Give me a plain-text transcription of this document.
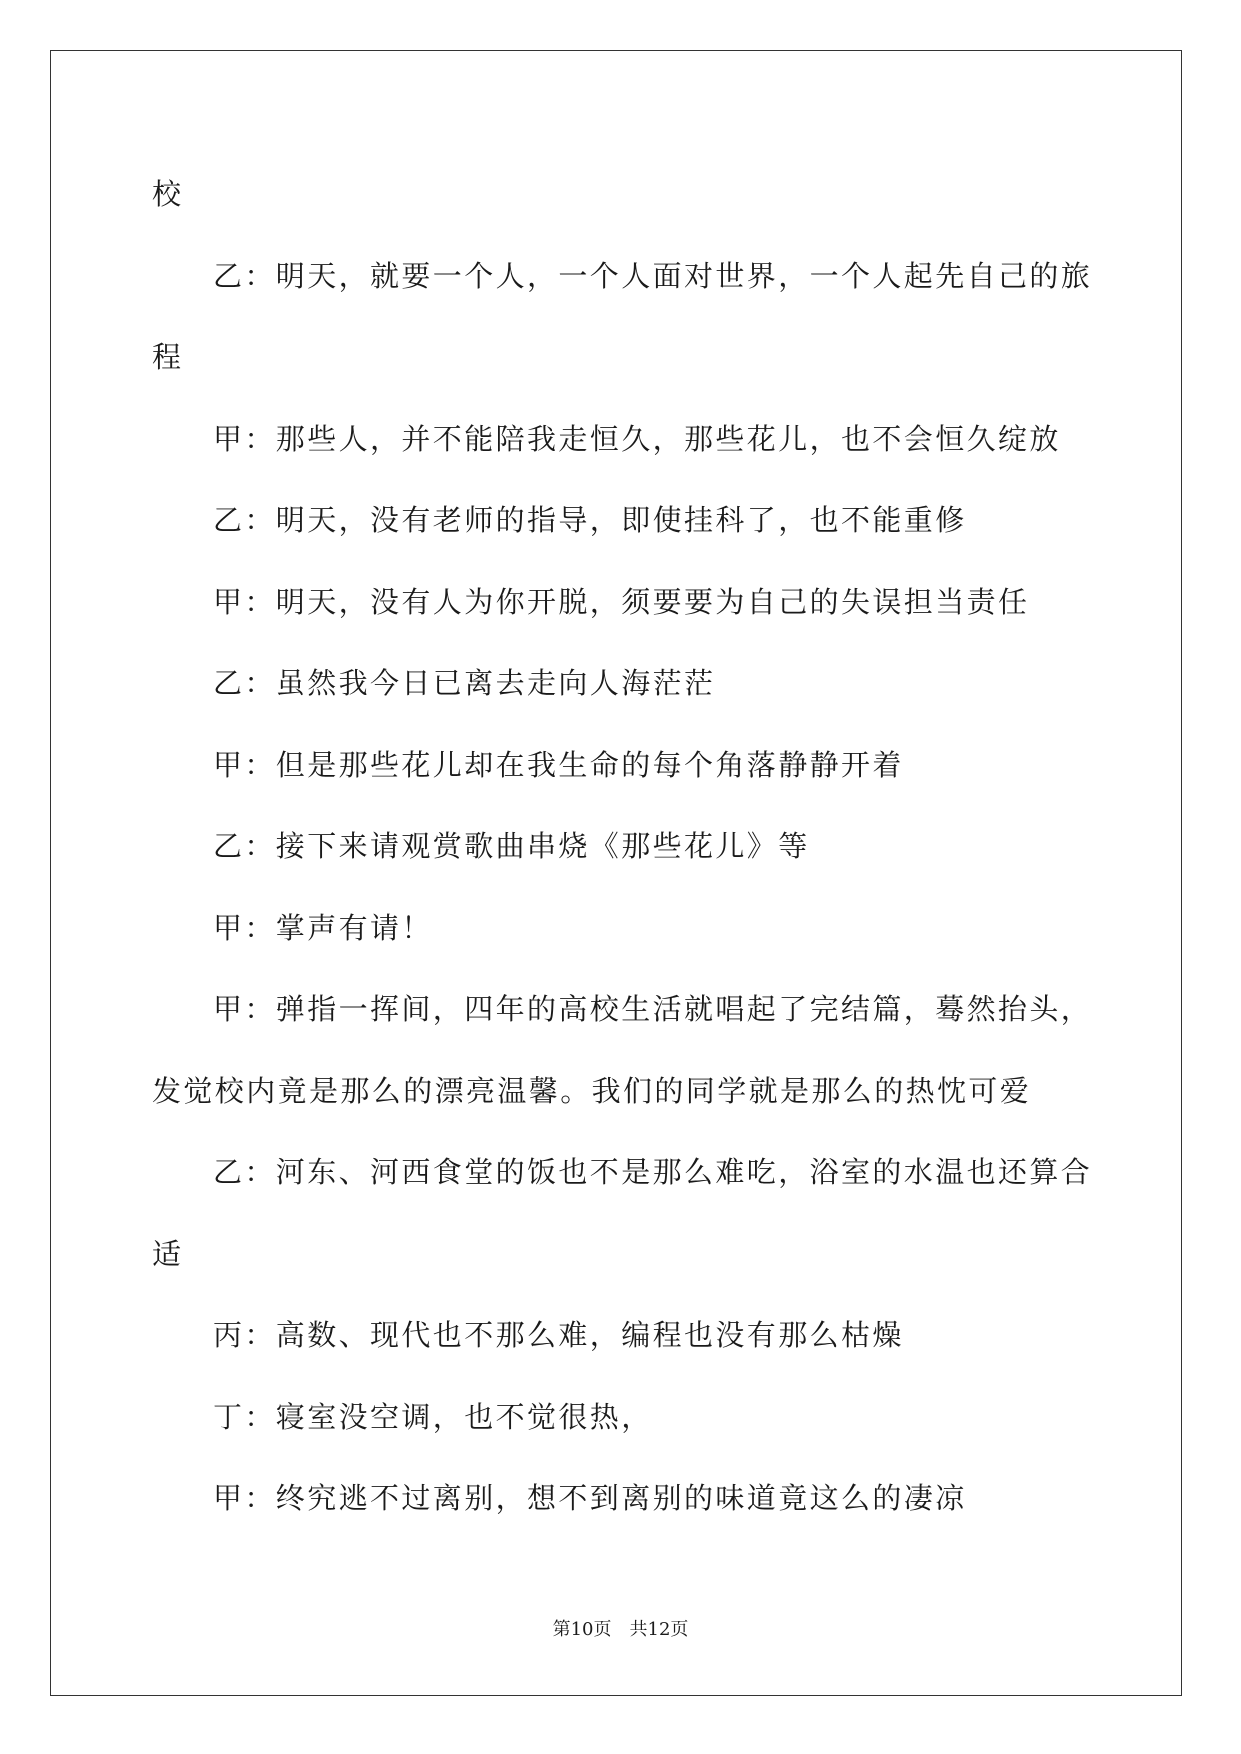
校
乙：明天，就要一个人，一个人面对世界，一个人起先自己的旅
程
甲：那些人，并不能陪我走恒久，那些花儿，也不会恒久绽放
乙：明天，没有老师的指导，即使挂科了，也不能重修
甲：明天，没有人为你开脱，须要要为自己的失误担当责任
乙：虽然我今日已离去走向人海茫茫
甲：但是那些花儿却在我生命的每个角落静静开着
乙：接下来请观赏歌曲串烧《那些花儿》等
甲：掌声有请！
甲：弹指一挥间，四年的高校生活就唱起了完结篇，蓦然抬头，
发觉校内竟是那么的漂亮温馨。我们的同学就是那么的热忱可爱
乙：河东、河西食堂的饭也不是那么难吃，浴室的水温也还算合
适
丙：高数、现代也不那么难，编程也没有那么枯燥
丁：寝室没空调，也不觉很热，
甲：终究逃不过离别，想不到离别的味道竟这么的凄凉
第10页 共12页
